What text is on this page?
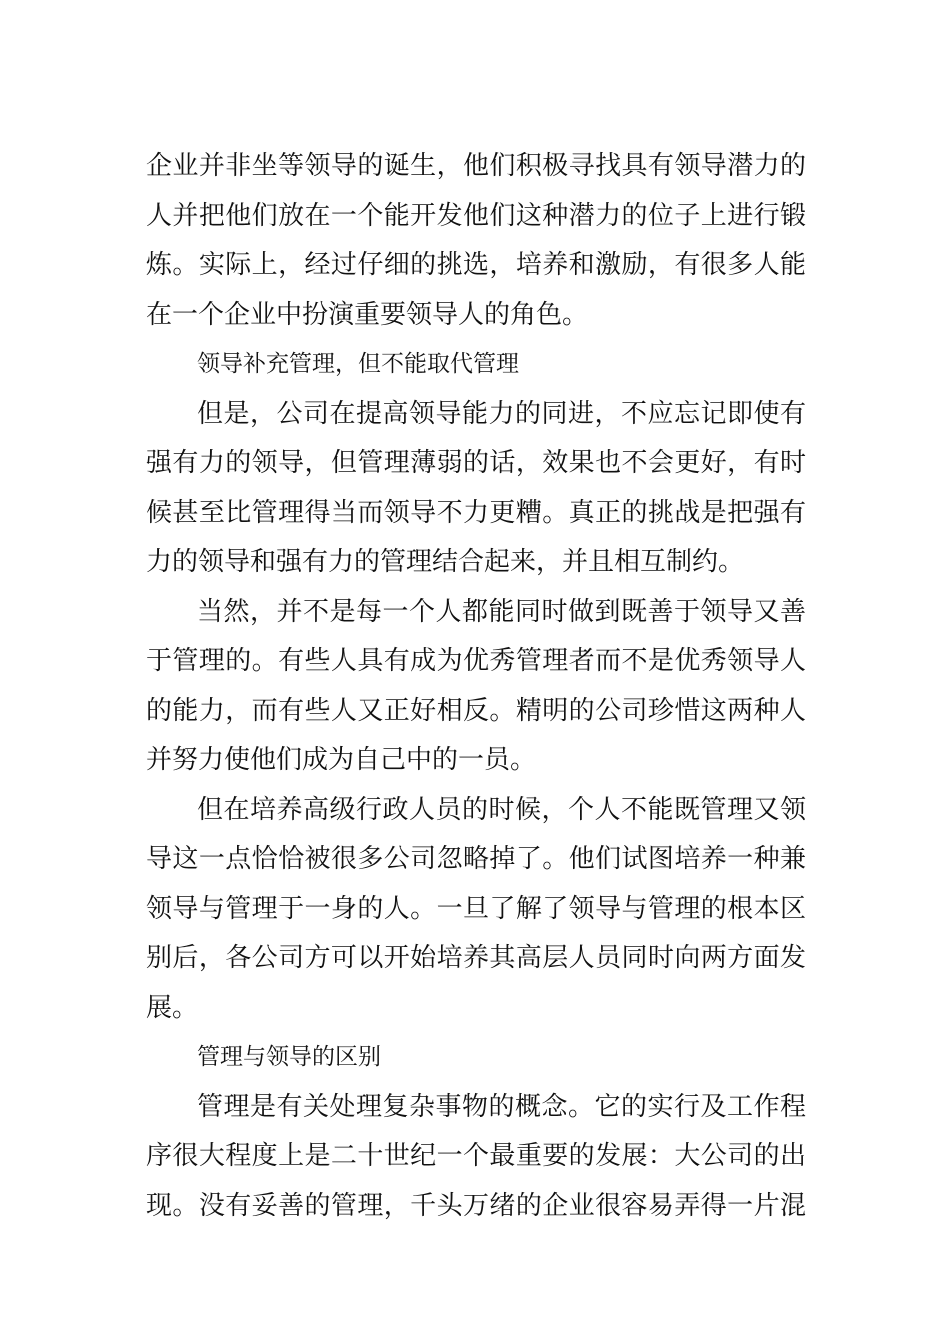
企业并非坐等领导的诞生，他们积极寻找具有领导潜力的
人并把他们放在一个能开发他们这种潜力的位子上进行锻
炼。实际上，经过仔细的挑选，培养和激励，有很多人能
在一个企业中扮演重要领导人的角色。
领导补充管理，但不能取代管理
但是，公司在提高领导能力的同进，不应忘记即使有
强有力的领导，但管理薄弱的话，效果也不会更好，有时
候甚至比管理得当而领导不力更糟。真正的挑战是把强有
力的领导和强有力的管理结合起来，并且相互制约。
当然，并不是每一个人都能同时做到既善于领导又善
于管理的。有些人具有成为优秀管理者而不是优秀领导人
的能力，而有些人又正好相反。精明的公司珍惜这两种人
并努力使他们成为自己中的一员。
但在培养高级行政人员的时候，个人不能既管理又领
导这一点恰恰被很多公司忽略掉了。他们试图培养一种兼
领导与管理于一身的人。一旦了解了领导与管理的根本区
别后，各公司方可以开始培养其高层人员同时向两方面发
展。
管理与领导的区别
管理是有关处理复杂事物的概念。它的实行及工作程
序很大程度上是二十世纪一个最重要的发展：大公司的出
现。没有妥善的管理，千头万绪的企业很容易弄得一片混
